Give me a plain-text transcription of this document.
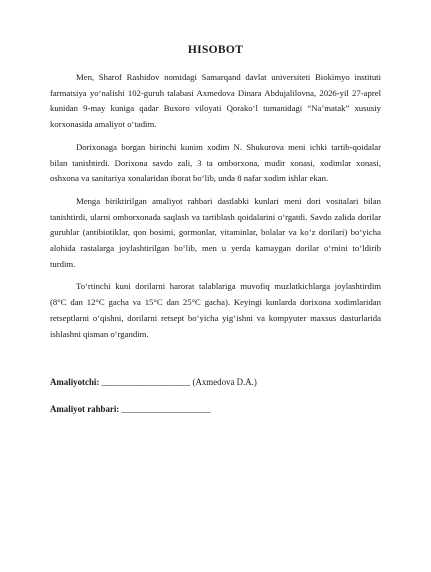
HISOBOT

Men, Sharof Rashidov nomidagi Samarqand davlat universiteti Biokimyo instituti farmatsiya yo‘nalishi 102-guruh talabasi Axmedova Dinara Abdujalilovna, 2026-yil 27-aprel kunidan 9-may kuniga qadar Buxoro viloyati Qorako‘l tumanidagi “Na’matak” xususiy korxonasida amaliyot o‘tadim.

Dorixonaga borgan birinchi kunim xodim N. Shukurova meni ichki tartib-qoidalar bilan tanishtirdi. Dorixona savdo zali, 3 ta omborxona, mudir xonasi, xodimlar xonasi, oshxona va sanitariya xonalaridan iborat bo‘lib, unda 8 nafar xodim ishlar ekan.

Menga biriktirilgan amaliyot rahbari dastlabki kunlari meni dori vositalari bilan tanishtirdi, ularni omborxonada saqlash va tartiblash qoidalarini o‘rgatdi. Savdo zalida dorilar guruhlar (antibiotiklar, qon bosimi, gormonlar, vitaminlar, bolalar va ko‘z dorilari) bo‘yicha alohida rastalarga joylashtirilgan bo‘lib, men u yerda kamaygan dorilar o‘rnini to‘ldirib turdim.

To‘rtinchi kuni dorilarni harorat talablariga muvofiq muzlatkichlarga joylashtirdim (8°C dan 12°C gacha va 15°C dan 25°C gacha). Keyingi kunlarda dorixona xodimlaridan retseptlarni o‘qishni, dorilarni retsept bo‘yicha yig‘ishni va kompyuter maxsus dasturlarida ishlashni qisman o‘rgandim.

Amaliyotchi: ____________________ (Axmedova D.A.)

Amaliyot rahbari: ____________________
